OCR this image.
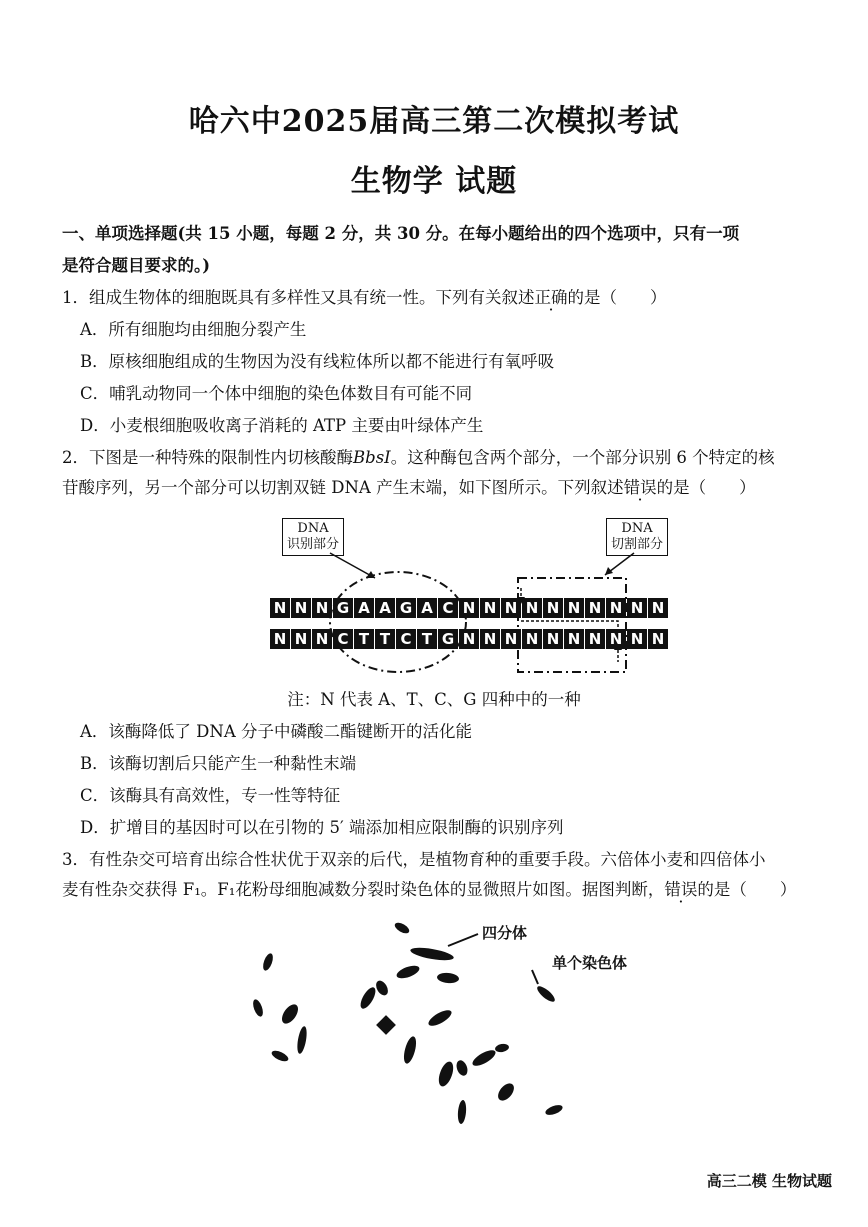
哈六中2025届高三第二次模拟考试
生物学 试题
一、单项选择题(共 15 小题，每题 2 分，共 30 分。在每小题给出的四个选项中，只有一项
是符合题目要求的。)
1．组成生物体的细胞既具有多样性又具有统一性。下列有关叙述正确的是（　　）
A．所有细胞均由细胞分裂产生
B．原核细胞组成的生物因为没有线粒体所以都不能进行有氧呼吸
C．哺乳动物同一个体中细胞的染色体数目有可能不同
D．小麦根细胞吸收离子消耗的 ATP 主要由叶绿体产生
2．下图是一种特殊的限制性内切核酸酶BbsⅠ。这种酶包含两个部分，一个部分识别 6 个特定的核
苷酸序列，另一个部分可以切割双链 DNA 产生末端，如下图所示。下列叙述错误的是（　　）
DNA
识别部分
DNA
切割部分
N N N G A A G A C N N N N N N N N N N
N N N C T T C T G N N N N N N N N N N
注：N 代表 A、T、C、G 四种中的一种
A．该酶降低了 DNA 分子中磷酸二酯键断开的活化能
B．该酶切割后只能产生一种黏性末端
C．该酶具有高效性，专一性等特征
D．扩增目的基因时可以在引物的 5′ 端添加相应限制酶的识别序列
3．有性杂交可培育出综合性状优于双亲的后代，是植物育种的重要手段。六倍体小麦和四倍体小
麦有性杂交获得 F₁。F₁花粉母细胞减数分裂时染色体的显微照片如图。据图判断，错误的是（　　）
四分体
单个染色体
高三二模 生物试题
